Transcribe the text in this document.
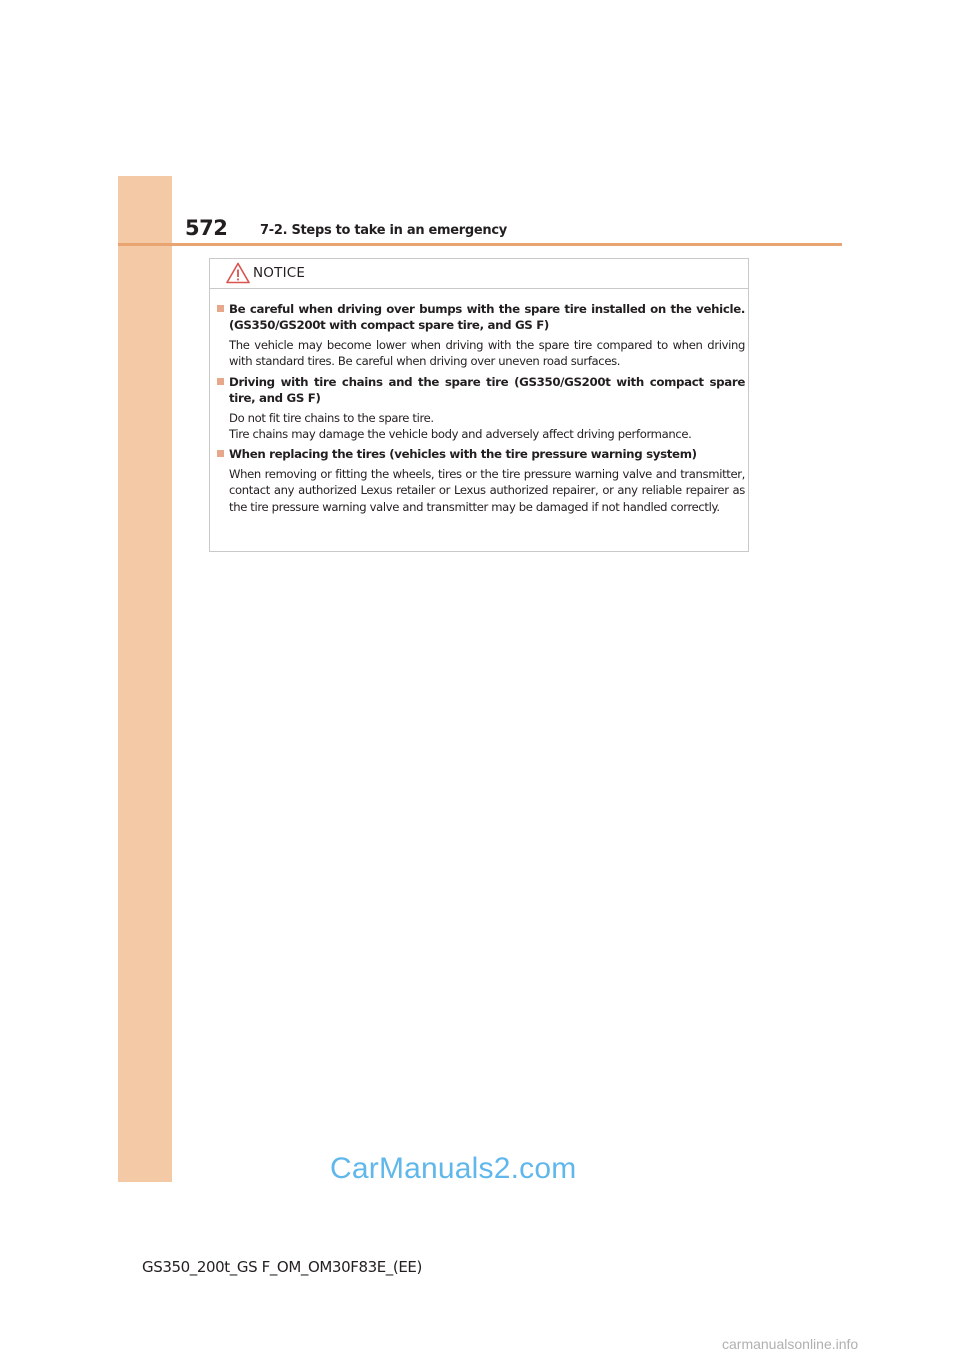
572	7-2. Steps to take in an emergency
NOTICE
Be careful when driving over bumps with the spare tire installed on the vehicle. (GS350/GS200t with compact spare tire, and GS F)
The vehicle may become lower when driving with the spare tire compared to when driving with standard tires. Be careful when driving over uneven road surfaces.
Driving with tire chains and the spare tire (GS350/GS200t with compact spare tire, and GS F)
Do not fit tire chains to the spare tire.
Tire chains may damage the vehicle body and adversely affect driving performance.
When replacing the tires (vehicles with the tire pressure warning system)
When removing or fitting the wheels, tires or the tire pressure warning valve and transmitter, contact any authorized Lexus retailer or Lexus authorized repairer, or any reliable repairer as the tire pressure warning valve and transmitter may be damaged if not handled correctly.
CarManuals2.com
GS350_200t_GS F_OM_OM30F83E_(EE)
carmanualsonline.info
